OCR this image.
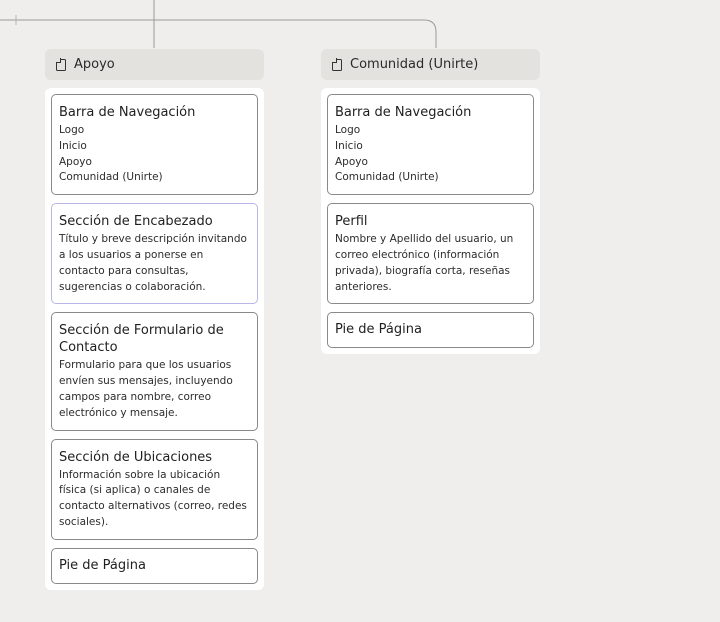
Apoyo
Barra de Navegación
Logo
Inicio
Apoyo
Comunidad (Unirte)
Sección de Encabezado
Título y breve descripción invitando a los usuarios a ponerse en contacto para consultas, sugerencias o colaboración.
Sección de Formulario de Contacto
Formulario para que los usuarios envíen sus mensajes, incluyendo campos para nombre, correo electrónico y mensaje.
Sección de Ubicaciones
Información sobre la ubicación física (si aplica) o canales de contacto alternativos (correo, redes sociales).
Pie de Página
Comunidad (Unirte)
Barra de Navegación
Logo
Inicio
Apoyo
Comunidad (Unirte)
Perfil
Nombre y Apellido del usuario, un correo electrónico (información privada), biografía corta, reseñas anteriores.
Pie de Página
